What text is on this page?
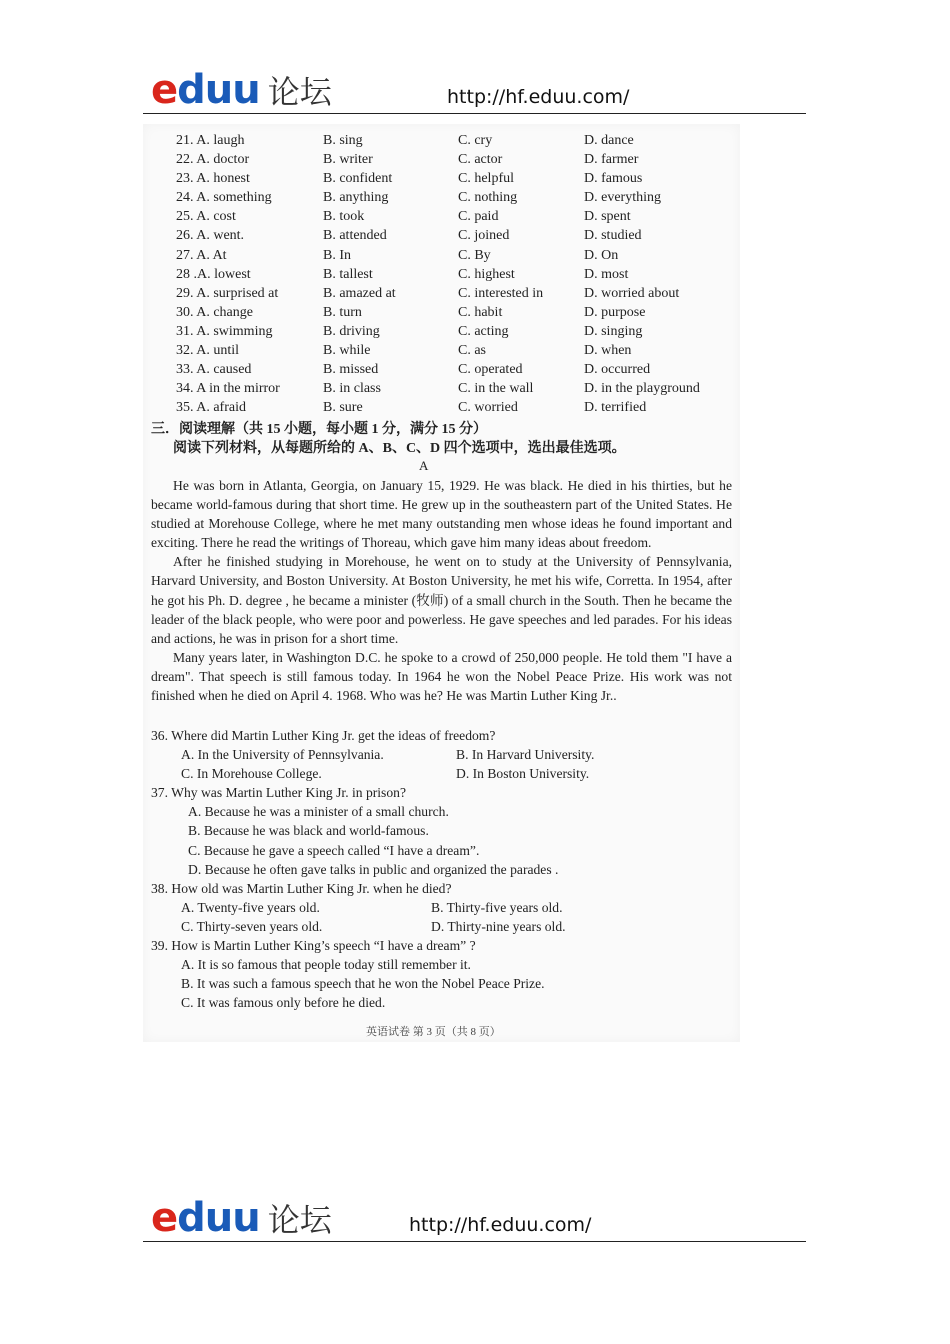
eduu 论坛	http://hf.eduu.com/
21. A. laugh	B. sing	C. cry	D. dance
22. A. doctor	B. writer	C. actor	D. farmer
23. A. honest	B. confident	C. helpful	D. famous
24. A. something	B. anything	C. nothing	D. everything
25. A. cost	B. took	C. paid	D. spent
26. A. went.	B. attended	C. joined	D. studied
27. A. At	B. In	C. By	D. On
28 .A. lowest	B. tallest	C. highest	D. most
29. A. surprised at	B. amazed at	C. interested in	D. worried about
30. A. change	B. turn	C. habit	D. purpose
31. A. swimming	B. driving	C. acting	D. singing
32. A. until	B. while	C. as	D. when
33. A. caused	B. missed	C. operated	D. occurred
34. A in the mirror	B. in class	C. in the wall	D. in the playground
35. A. afraid	B. sure	C. worried	D. terrified
三．阅读理解（共 15 小题，每小题 1 分，满分 15 分）
阅读下列材料，从每题所给的 A、B、C、D 四个选项中，选出最佳选项。
A

He was born in Atlanta, Georgia, on January 15, 1929. He was black. He died in his thirties, but he became world-famous during that short time. He grew up in the southeastern part of the United States. He studied at Morehouse College, where he met many outstanding men whose ideas he found important and exciting. There he read the writings of Thoreau, which gave him many ideas about freedom.

After he finished studying in Morehouse, he went on to study at the University of Pennsylvania, Harvard University, and Boston University. At Boston University, he met his wife, Corretta. In 1954, after he got his Ph. D. degree , he became a minister (牧师) of a small church in the South. Then he became the leader of the black people, who were poor and powerless. He gave speeches and led parades. For his ideas and actions, he was in prison for a short time.

Many years later, in Washington D.C. he spoke to a crowd of 250,000 people. He told them "I have a dream". That speech is still famous today. In 1964 he won the Nobel Peace Prize. His work was not finished when he died on April 4. 1968. Who was he? He was Martin Luther King Jr..

36. Where did Martin Luther King Jr. get the ideas of freedom?
A. In the University of Pennsylvania.	B. In Harvard University.
C. In Morehouse College.	D. In Boston University.
37. Why was Martin Luther King Jr. in prison?
A. Because he was a minister of a small church.
B. Because he was black and world-famous.
C. Because he gave a speech called “I have a dream”.
D. Because he often gave talks in public and organized the parades .
38. How old was Martin Luther King Jr. when he died?
A. Twenty-five years old.	B. Thirty-five years old.
C. Thirty-seven years old.	D. Thirty-nine years old.
39. How is Martin Luther King’s speech “I have a dream” ?
A. It is so famous that people today still remember it.
B. It was such a famous speech that he won the Nobel Peace Prize.
C. It was famous only before he died.
英语试卷 第 3 页（共 8 页）
eduu 论坛	http://hf.eduu.com/
